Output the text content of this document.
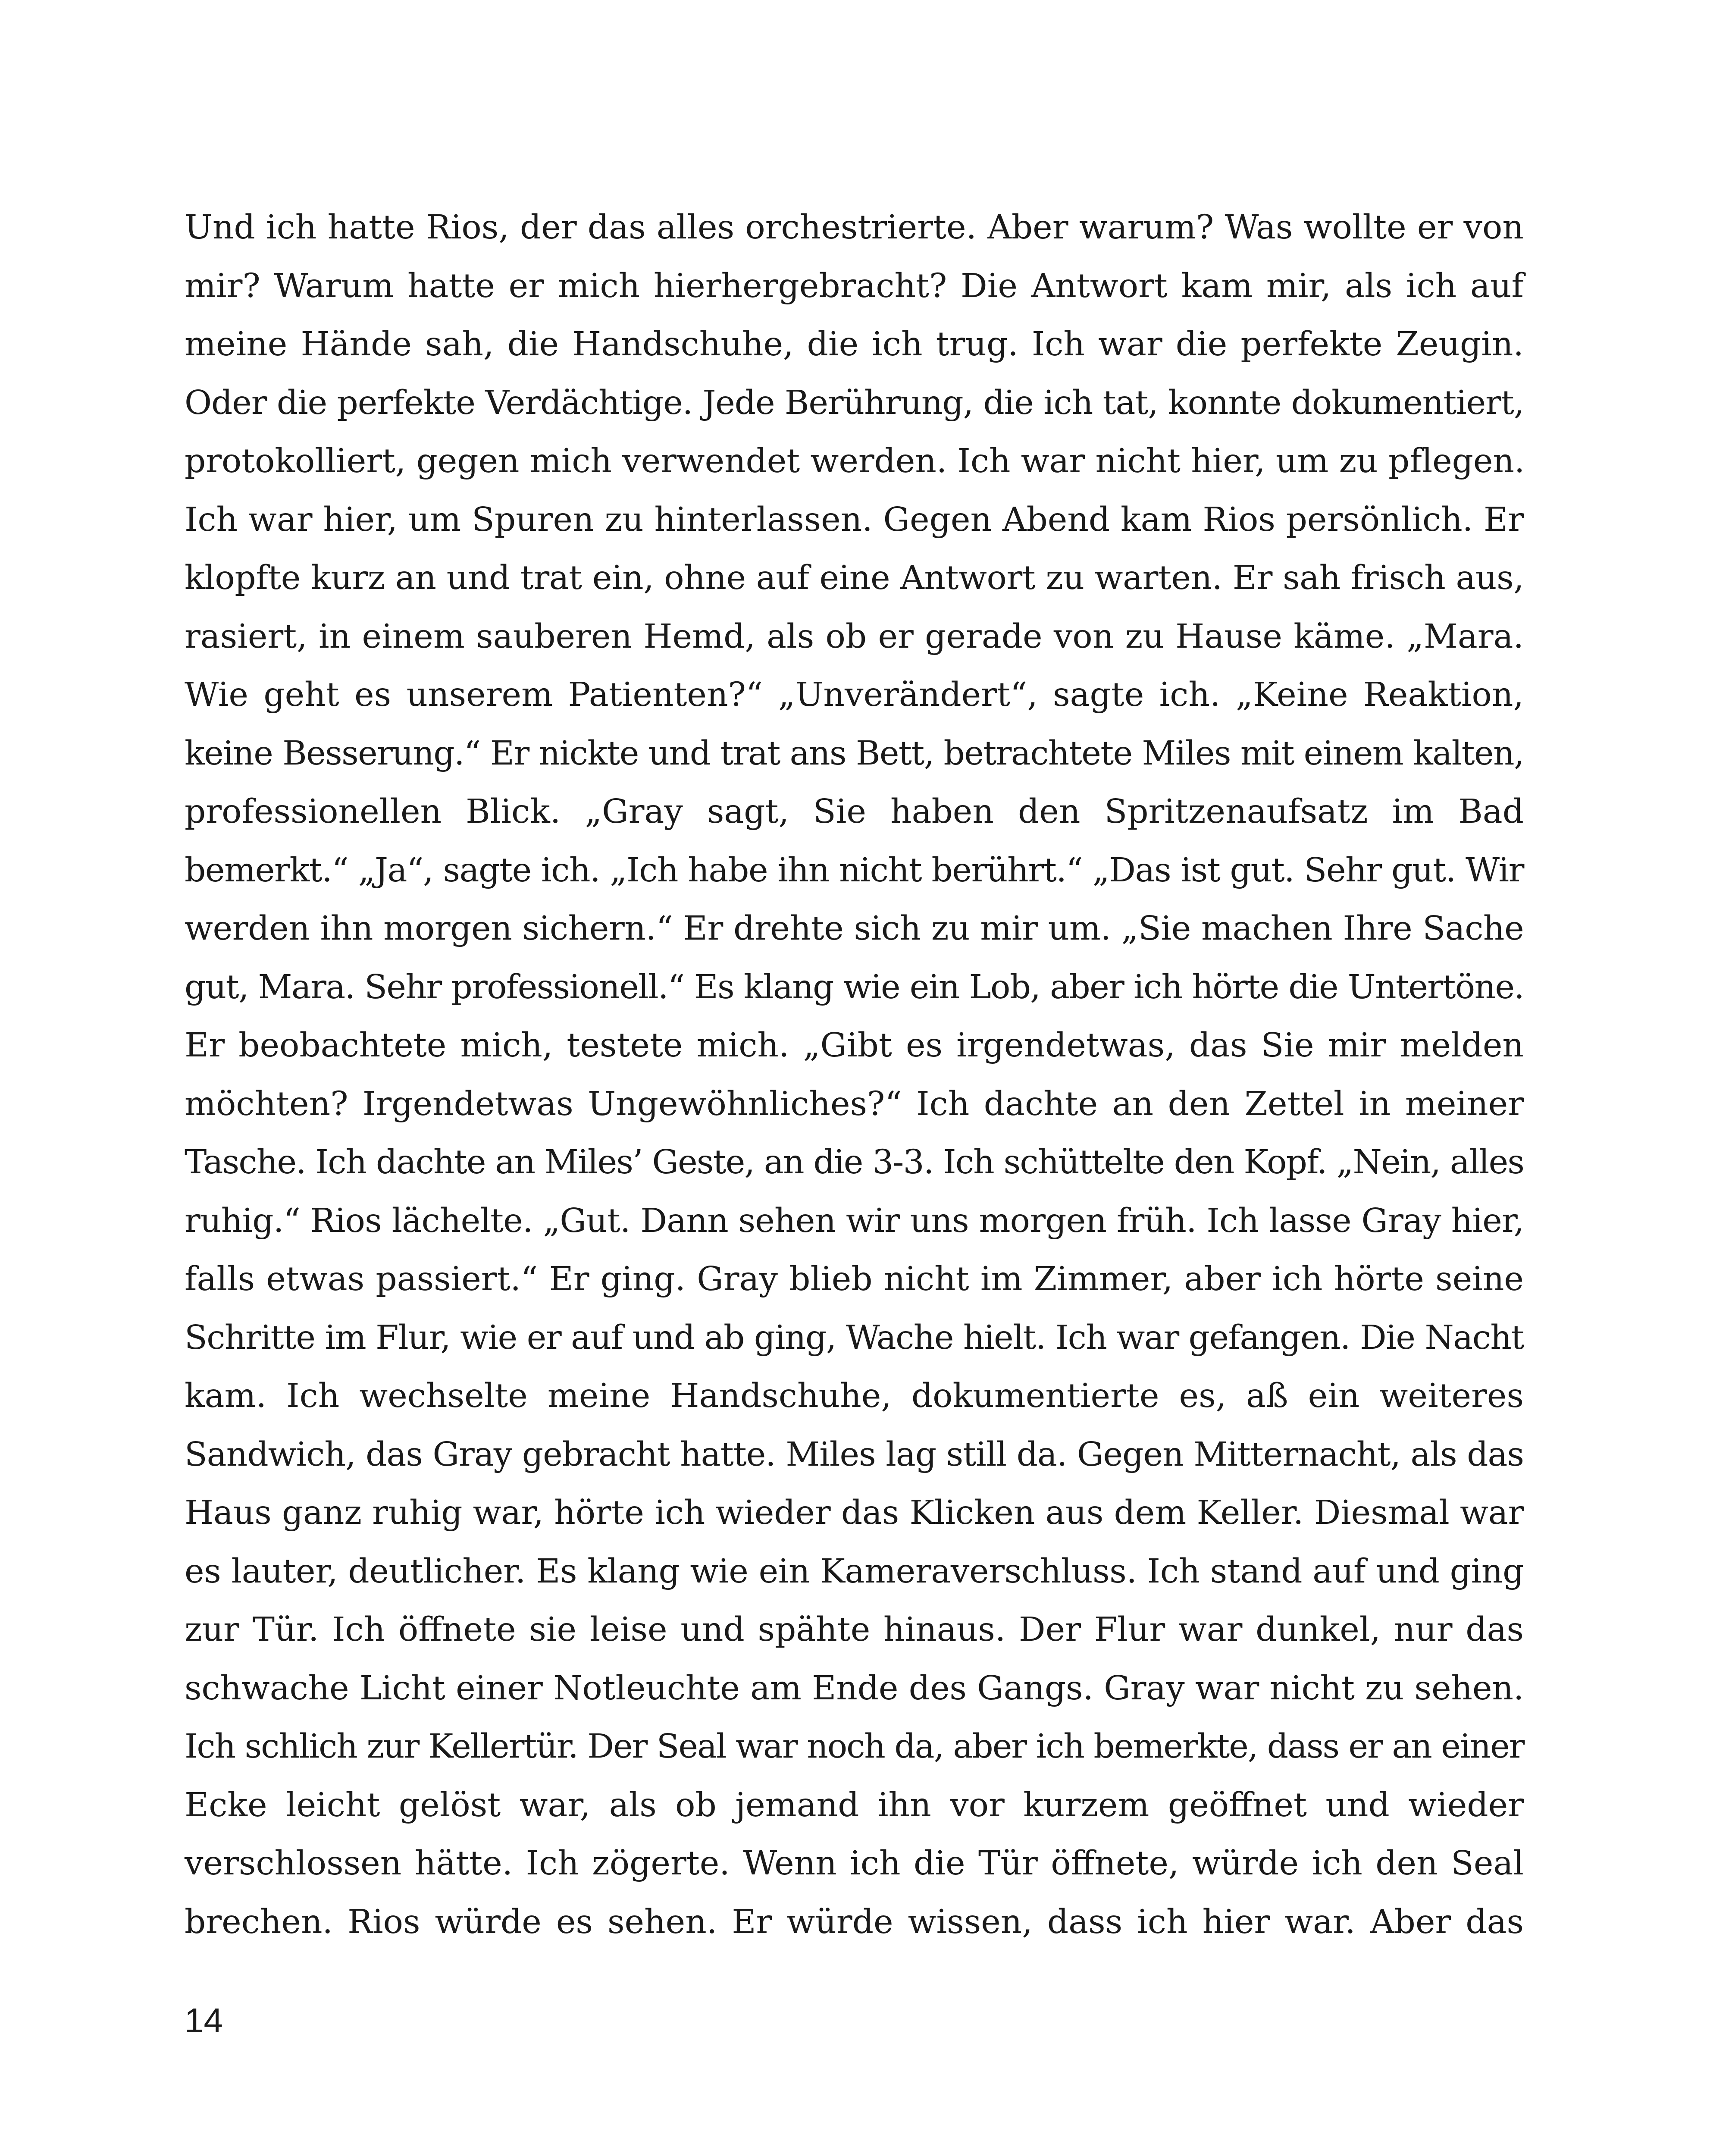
Und ich hatte Rios, der das alles orchestrierte. Aber warum? Was wollte er von
mir? Warum hatte er mich hierhergebracht? Die Antwort kam mir, als ich auf
meine Hände sah, die Handschuhe, die ich trug. Ich war die perfekte Zeugin.
Oder die perfekte Verdächtige. Jede Berührung, die ich tat, konnte dokumentiert,
protokolliert, gegen mich verwendet werden. Ich war nicht hier, um zu pflegen.
Ich war hier, um Spuren zu hinterlassen. Gegen Abend kam Rios persönlich. Er
klopfte kurz an und trat ein, ohne auf eine Antwort zu warten. Er sah frisch aus,
rasiert, in einem sauberen Hemd, als ob er gerade von zu Hause käme. „Mara.
Wie geht es unserem Patienten?“ „Unverändert“, sagte ich. „Keine Reaktion,
keine Besserung.“ Er nickte und trat ans Bett, betrachtete Miles mit einem kalten,
professionellen Blick. „Gray sagt, Sie haben den Spritzenaufsatz im Bad
bemerkt.“ „Ja“, sagte ich. „Ich habe ihn nicht berührt.“ „Das ist gut. Sehr gut. Wir
werden ihn morgen sichern.“ Er drehte sich zu mir um. „Sie machen Ihre Sache
gut, Mara. Sehr professionell.“ Es klang wie ein Lob, aber ich hörte die Untertöne.
Er beobachtete mich, testete mich. „Gibt es irgendetwas, das Sie mir melden
möchten? Irgendetwas Ungewöhnliches?“ Ich dachte an den Zettel in meiner
Tasche. Ich dachte an Miles’ Geste, an die 3-3. Ich schüttelte den Kopf. „Nein, alles
ruhig.“ Rios lächelte. „Gut. Dann sehen wir uns morgen früh. Ich lasse Gray hier,
falls etwas passiert.“ Er ging. Gray blieb nicht im Zimmer, aber ich hörte seine
Schritte im Flur, wie er auf und ab ging, Wache hielt. Ich war gefangen. Die Nacht
kam. Ich wechselte meine Handschuhe, dokumentierte es, aß ein weiteres
Sandwich, das Gray gebracht hatte. Miles lag still da. Gegen Mitternacht, als das
Haus ganz ruhig war, hörte ich wieder das Klicken aus dem Keller. Diesmal war
es lauter, deutlicher. Es klang wie ein Kameraverschluss. Ich stand auf und ging
zur Tür. Ich öffnete sie leise und spähte hinaus. Der Flur war dunkel, nur das
schwache Licht einer Notleuchte am Ende des Gangs. Gray war nicht zu sehen.
Ich schlich zur Kellertür. Der Seal war noch da, aber ich bemerkte, dass er an einer
Ecke leicht gelöst war, als ob jemand ihn vor kurzem geöffnet und wieder
verschlossen hätte. Ich zögerte. Wenn ich die Tür öffnete, würde ich den Seal
brechen. Rios würde es sehen. Er würde wissen, dass ich hier war. Aber das
14
